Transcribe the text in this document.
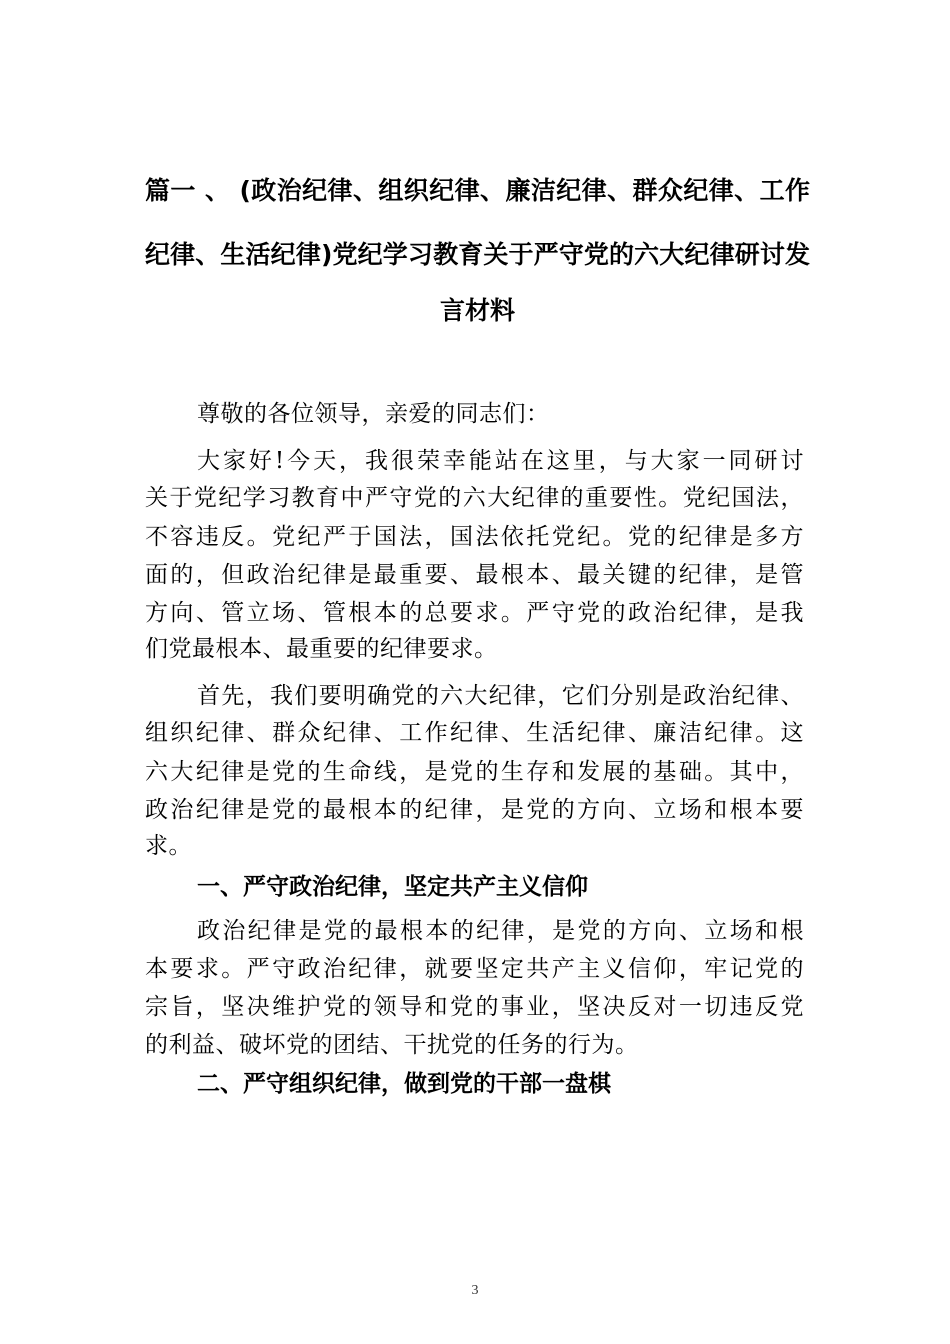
篇一 、 (政治纪律、组织纪律、廉洁纪律、群众纪律、工作
纪律、生活纪律)党纪学习教育关于严守党的六大纪律研讨发
言材料
尊敬的各位领导，亲爱的同志们：
大家好!今天，我很荣幸能站在这里，与大家一同研讨
关于党纪学习教育中严守党的六大纪律的重要性。党纪国法，
不容违反。党纪严于国法，国法依托党纪。党的纪律是多方
面的，但政治纪律是最重要、最根本、最关键的纪律，是管
方向、管立场、管根本的总要求。严守党的政治纪律，是我
们党最根本、最重要的纪律要求。
首先，我们要明确党的六大纪律，它们分别是政治纪律、
组织纪律、群众纪律、工作纪律、生活纪律、廉洁纪律。这
六大纪律是党的生命线，是党的生存和发展的基础。其中，
政治纪律是党的最根本的纪律，是党的方向、立场和根本要
求。
一、严守政治纪律，坚定共产主义信仰
政治纪律是党的最根本的纪律，是党的方向、立场和根
本要求。严守政治纪律，就要坚定共产主义信仰，牢记党的
宗旨，坚决维护党的领导和党的事业，坚决反对一切违反党
的利益、破坏党的团结、干扰党的任务的行为。
二、严守组织纪律，做到党的干部一盘棋
3
